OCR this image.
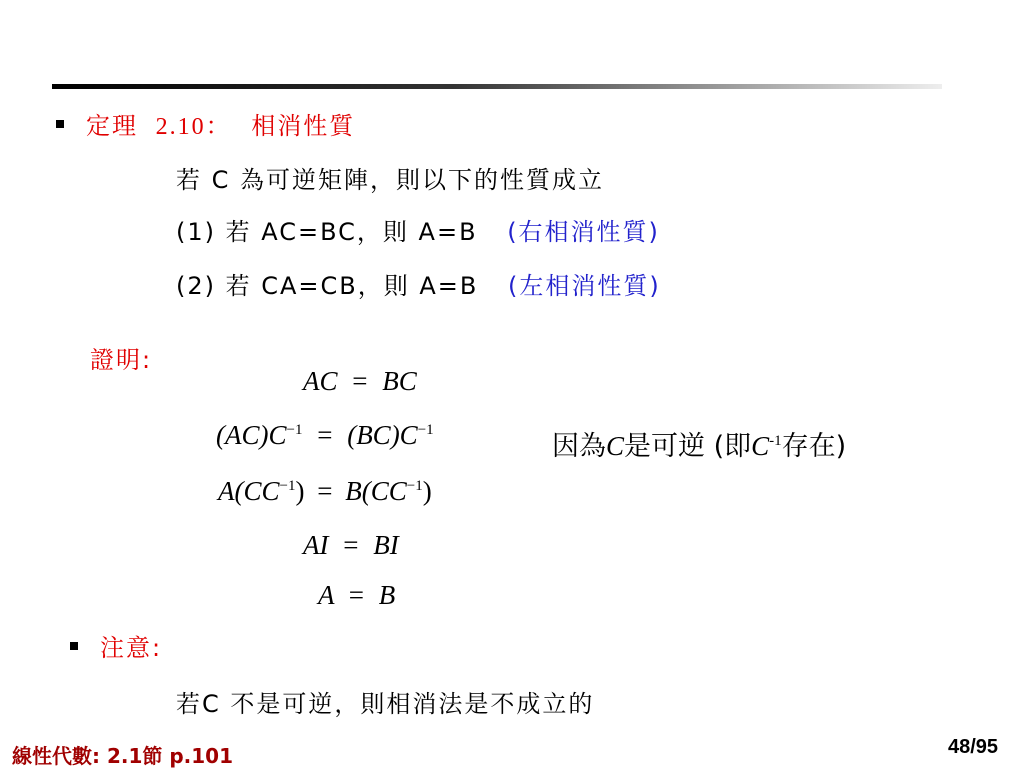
定理 2.10： 相消性質
若 C 為可逆矩陣，則以下的性質成立
(1) 若 AC=BC，則 A=B (右相消性質)
(2) 若 CA=CB，則 A=B (左相消性質)
證明:
AC = BC
$(AC)C^{-1} = (BC)C^{-1}$
因為C是可逆 (即$C^{-1}$存在)
$A(CC^{-1}) = B(CC^{-1})$
AI = BI
A = B
注意:
若C 不是可逆，則相消法是不成立的
線性代數: 2.1節 p.101	48/95
